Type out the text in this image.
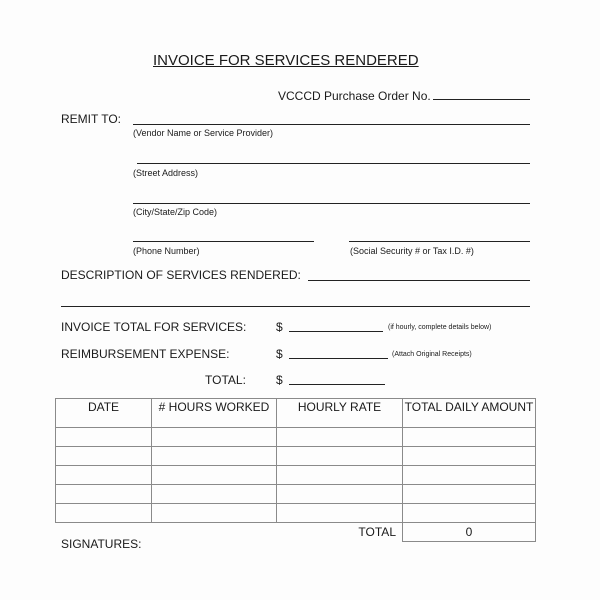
INVOICE FOR SERVICES RENDERED
VCCCD Purchase Order No.
REMIT TO:
(Vendor Name or Service Provider)
(Street Address)
(City/State/Zip Code)
(Phone Number)	(Social Security # or Tax I.D. #)
DESCRIPTION OF SERVICES RENDERED:
INVOICE TOTAL FOR SERVICES: $	(if hourly, complete details below)
REIMBURSEMENT EXPENSE:	$	(Attach Original Receipts)
TOTAL:	$
DATE	# HOURS WORKED	HOURLY RATE	TOTAL DAILY AMOUNT

		TOTAL	0
SIGNATURES:
